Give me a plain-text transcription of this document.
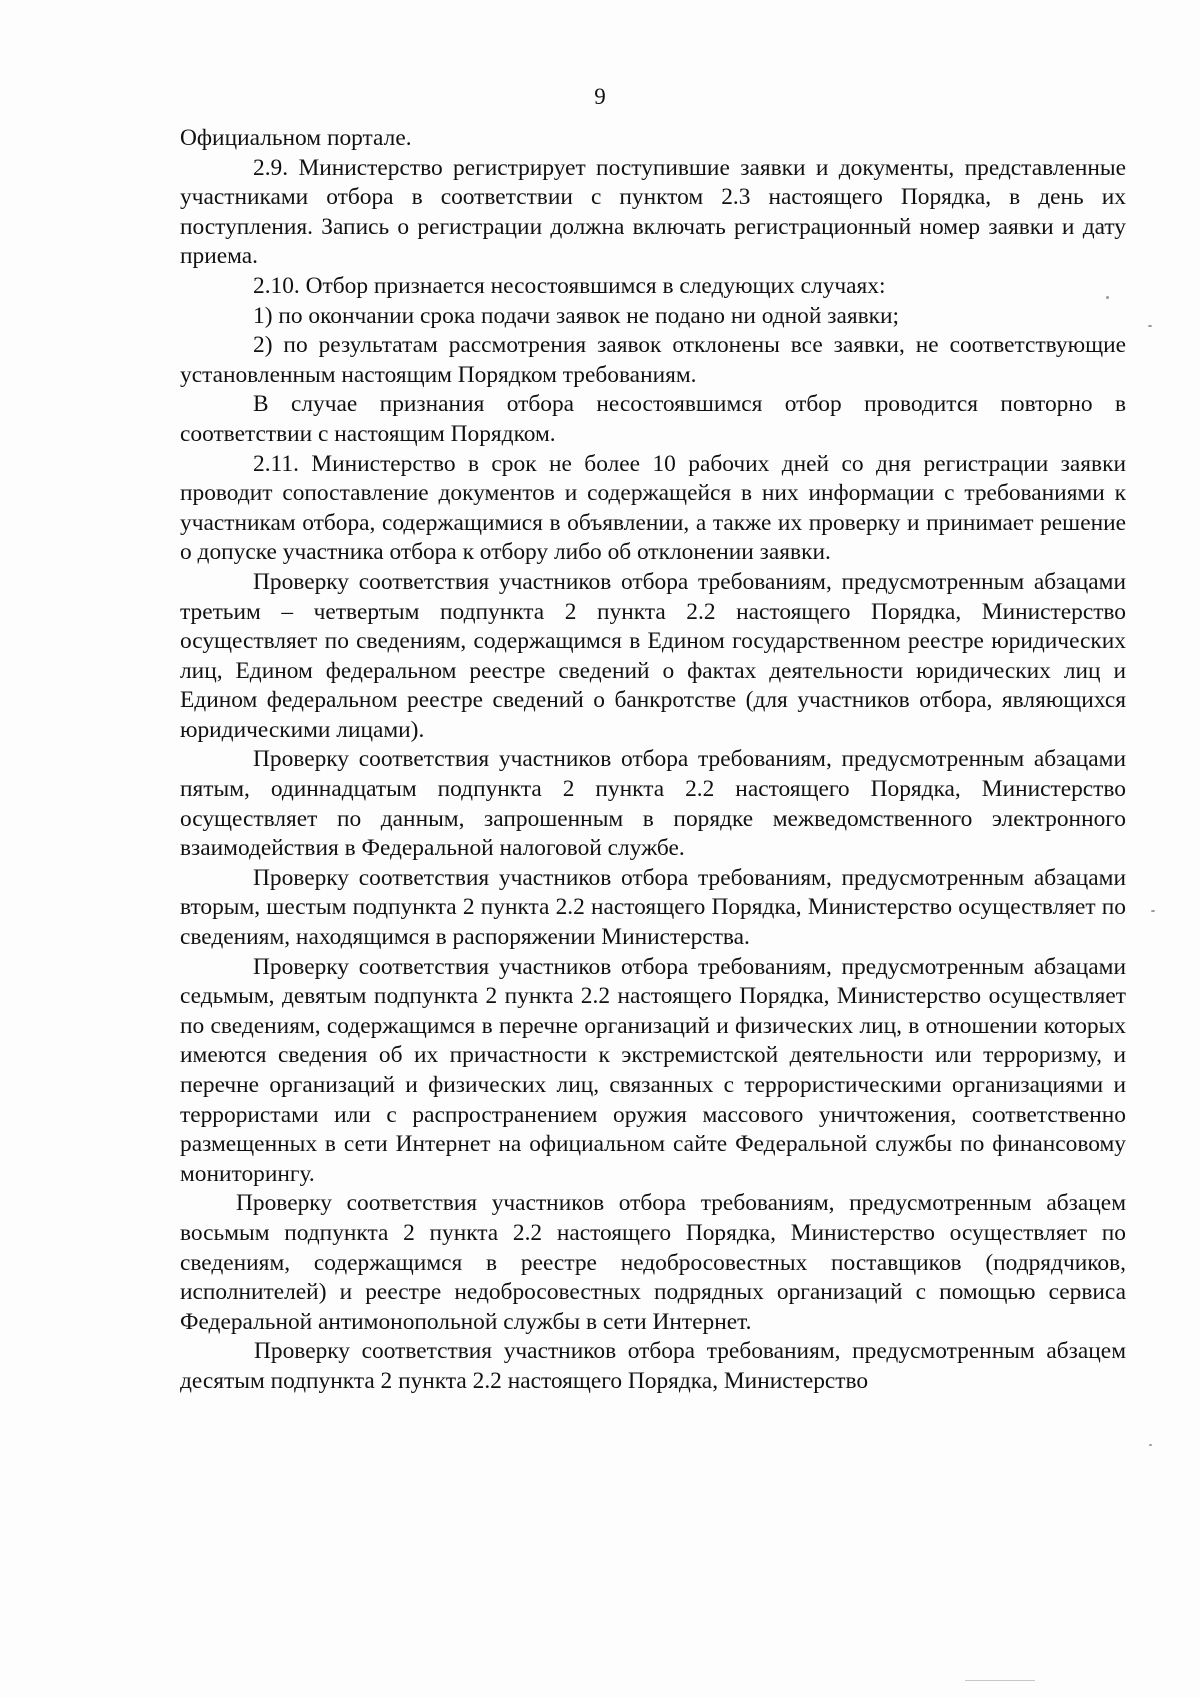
9

Официальном портале.

2.9. Министерство регистрирует поступившие заявки и документы, представленные участниками отбора в соответствии с пунктом 2.3 настоящего Порядка, в день их поступления. Запись о регистрации должна включать регистрационный номер заявки и дату приема.

2.10. Отбор признается несостоявшимся в следующих случаях:

1) по окончании срока подачи заявок не подано ни одной заявки;

2) по результатам рассмотрения заявок отклонены все заявки, не соответствующие установленным настоящим Порядком требованиям.

В случае признания отбора несостоявшимся отбор проводится повторно в соответствии с настоящим Порядком.

2.11. Министерство в срок не более 10 рабочих дней со дня регистрации заявки проводит сопоставление документов и содержащейся в них информации с требованиями к участникам отбора, содержащимися в объявлении, а также их проверку и принимает решение о допуске участника отбора к отбору либо об отклонении заявки.

Проверку соответствия участников отбора требованиям, предусмотренным абзацами третьим – четвертым подпункта 2 пункта 2.2 настоящего Порядка, Министерство осуществляет по сведениям, содержащимся в Едином государственном реестре юридических лиц, Едином федеральном реестре сведений о фактах деятельности юридических лиц и Едином федеральном реестре сведений о банкротстве (для участников отбора, являющихся юридическими лицами).

Проверку соответствия участников отбора требованиям, предусмотренным абзацами пятым, одиннадцатым подпункта 2 пункта 2.2 настоящего Порядка, Министерство осуществляет по данным, запрошенным в порядке межведомственного электронного взаимодействия в Федеральной налоговой службе.

Проверку соответствия участников отбора требованиям, предусмотренным абзацами вторым, шестым подпункта 2 пункта 2.2 настоящего Порядка, Министерство осуществляет по сведениям, находящимся в распоряжении Министерства.

Проверку соответствия участников отбора требованиям, предусмотренным абзацами седьмым, девятым подпункта 2 пункта 2.2 настоящего Порядка, Министерство осуществляет по сведениям, содержащимся в перечне организаций и физических лиц, в отношении которых имеются сведения об их причастности к экстремистской деятельности или терроризму, и перечне организаций и физических лиц, связанных с террористическими организациями и террористами или с распространением оружия массового уничтожения, соответственно размещенных в сети Интернет на официальном сайте Федеральной службы по финансовому мониторингу.

Проверку соответствия участников отбора требованиям, предусмотренным абзацем восьмым подпункта 2 пункта 2.2 настоящего Порядка, Министерство осуществляет по сведениям, содержащимся в реестре недобросовестных поставщиков (подрядчиков, исполнителей) и реестре недобросовестных подрядных организаций с помощью сервиса Федеральной антимонопольной службы в сети Интернет.

Проверку соответствия участников отбора требованиям, предусмотренным абзацем десятым подпункта 2 пункта 2.2 настоящего Порядка, Министерство
